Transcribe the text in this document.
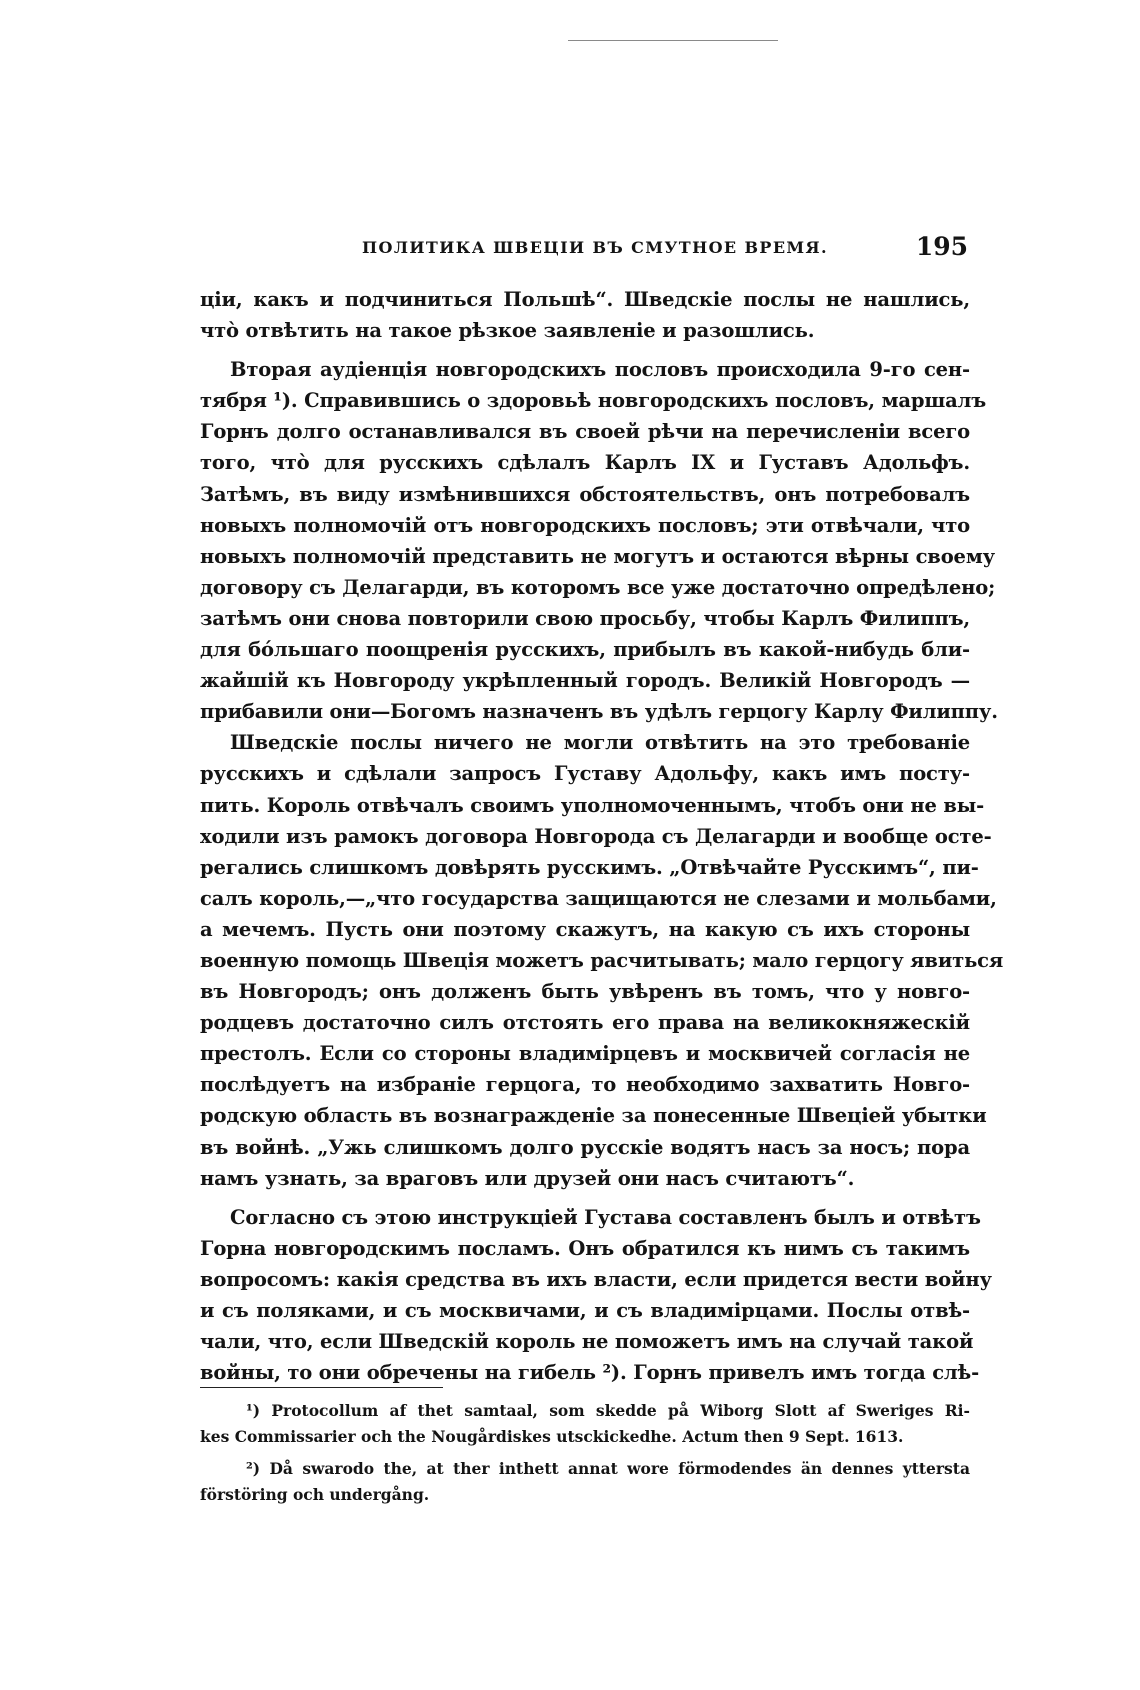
ПОЛИТИКА ШВЕЦIИ ВЪ СМУТНОЕ ВРЕМЯ.	195

цiи, какъ и подчиниться Польшѣ“. Шведскiе послы не нашлись,

чтò отвѣтить на такое рѣзкое заявленiе и разошлись.

Вторая аудiенцiя новгородскихъ пословъ происходила 9-го сен-

тября ¹). Справившись о здоровьѣ новгородскихъ пословъ, маршалъ

Горнъ долго останавливался въ своей рѣчи на перечисленiи всего

того, чтò для русскихъ сдѣлалъ Карлъ IX и Густавъ Адольфъ.

Затѣмъ, въ виду измѣнившихся обстоятельствъ, онъ потребовалъ

новыхъ полномочiй отъ новгородскихъ пословъ; эти отвѣчали, что

новыхъ полномочiй представить не могутъ и остаются вѣрны своему

договору съ Делагарди, въ которомъ все уже достаточно опредѣлено;

затѣмъ они снова повторили свою просьбу, чтобы Карлъ Филиппъ,

для бóльшаго поощренiя русскихъ, прибылъ въ какой-нибудь бли-

жайшiй къ Новгороду укрѣпленный городъ. Великiй Новгородъ —

прибавили они—Богомъ назначенъ въ удѣлъ герцогу Карлу Филиппу.

Шведскiе послы ничего не могли отвѣтить на это требованiе

русскихъ и сдѣлали запросъ Густаву Адольфу, какъ имъ посту-

пить. Король отвѣчалъ своимъ уполномоченнымъ, чтобъ они не вы-

ходили изъ рамокъ договора Новгорода съ Делагарди и вообще осте-

регались слишкомъ довѣрять русскимъ. „Отвѣчайте Русскимъ“, пи-

салъ король,—„что государства защищаются не слезами и мольбами,

а мечемъ. Пусть они поэтому скажутъ, на какую съ ихъ стороны

военную помощь Швецiя можетъ расчитывать; мало герцогу явиться

въ Новгородъ; онъ долженъ быть увѣренъ въ томъ, что у новго-

родцевъ достаточно силъ отстоять его права на великокняжескiй

престолъ. Если со стороны владимiрцевъ и москвичей согласiя не

послѣдуетъ на избранiе герцога, то необходимо захватить Новго-

родскую область въ вознагражденiе за понесенные Швецiей убытки

въ войнѣ. „Ужь слишкомъ долго русскiе водятъ насъ за носъ; пора

намъ узнать, за враговъ или друзей они насъ считаютъ“.

Согласно съ этою инструкцiей Густава составленъ былъ и отвѣтъ

Горна новгородскимъ посламъ. Онъ обратился къ нимъ съ такимъ

вопросомъ: какiя средства въ ихъ власти, если придется вести войну

и съ поляками, и съ москвичами, и съ владимiрцами. Послы отвѣ-

чали, что, если Шведскiй король не поможетъ имъ на случай такой

войны, то они обречены на гибель ²). Горнъ привелъ имъ тогда слѣ-

¹) Protocollum af thet samtaal, som skedde på Wiborg Slott af Sweriges Ri-

kes Commissarier och the Nougårdiskes utsckickedhe. Actum then 9 Sept. 1613.

²) Då swarodo the, at ther inthett annat wore förmodendes än dennes yttersta

förstöring och undergång.
